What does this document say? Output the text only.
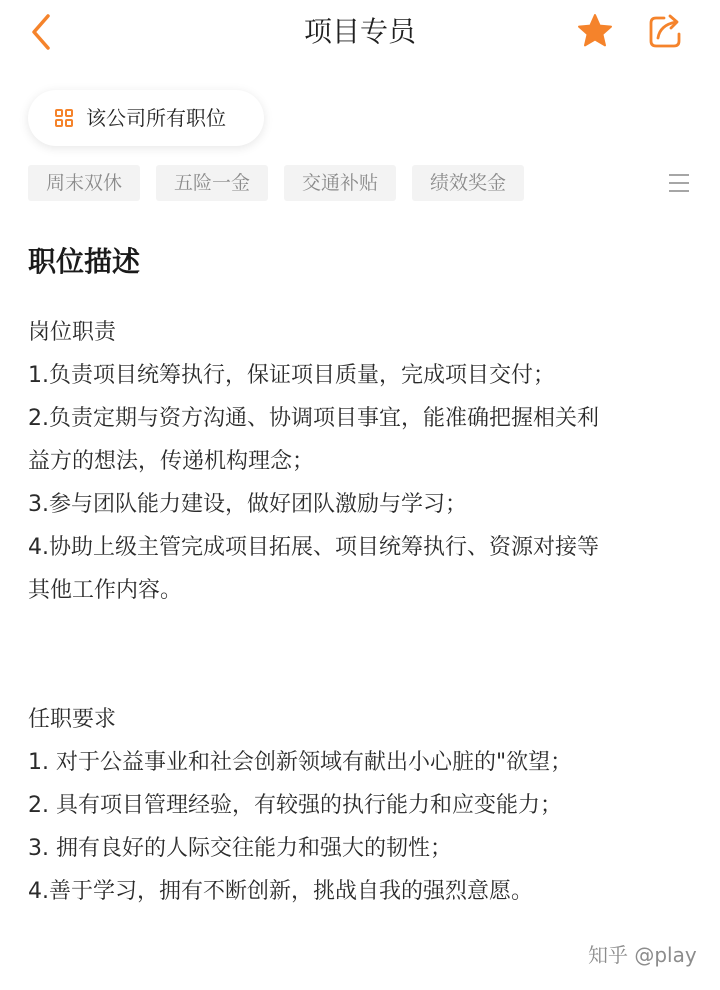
项目专员
该公司所有职位
周末双休	五险一金	交通补贴	绩效奖金
职位描述
岗位职责
1.负责项目统筹执行，保证项目质量，完成项目交付；
2.负责定期与资方沟通、协调项目事宜，能准确把握相关利
益方的想法，传递机构理念；
3.参与团队能力建设，做好团队激励与学习；
4.协助上级主管完成项目拓展、项目统筹执行、资源对接等
其他工作内容。
任职要求
1. 对于公益事业和社会创新领域有献出小心脏的"欲望；
2. 具有项目管理经验，有较强的执行能力和应变能力；
3. 拥有良好的人际交往能力和强大的韧性；
4.善于学习，拥有不断创新，挑战自我的强烈意愿。
知乎 @play
